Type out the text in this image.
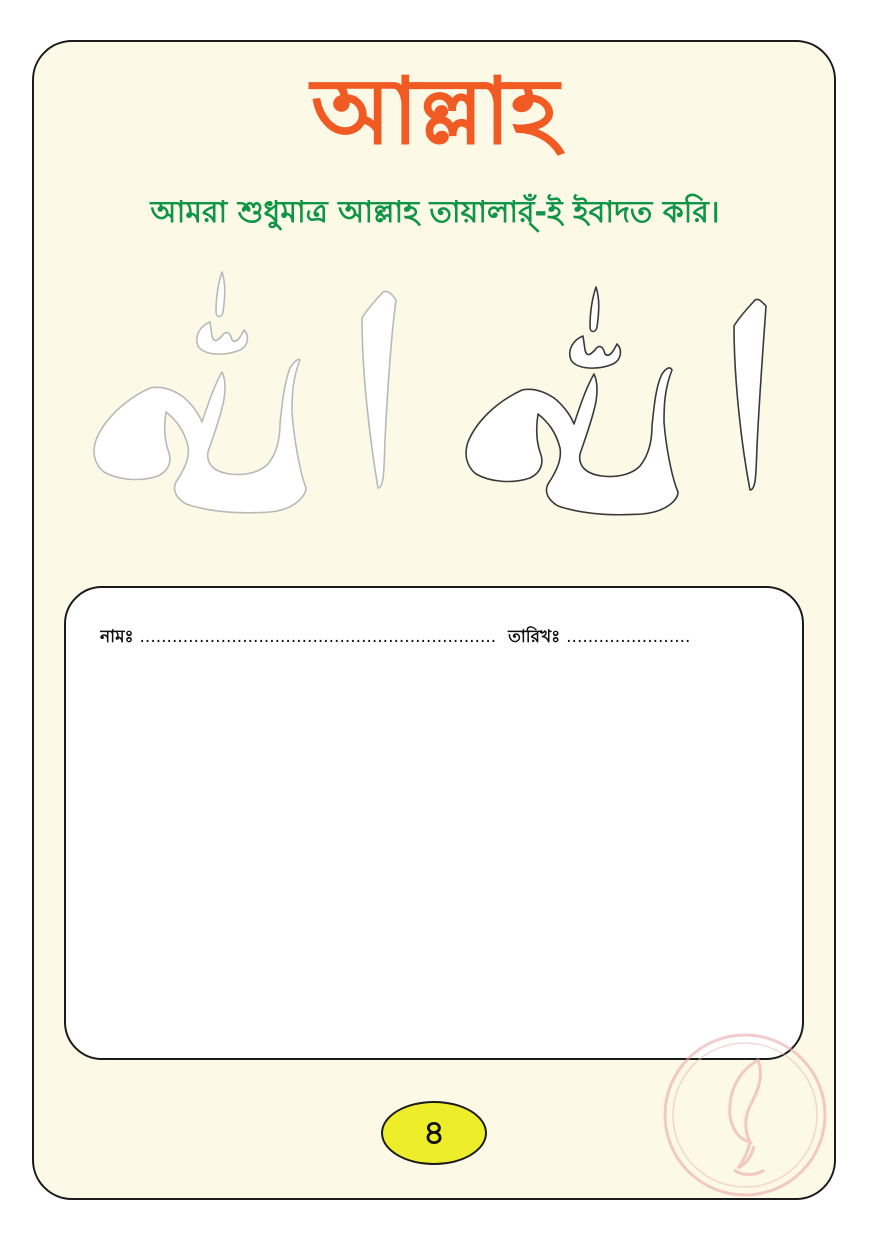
আল্লাহ
আমরা শুধুমাত্র আল্লাহ তায়ালার্ঁ-ই ইবাদত করি।
নামঃ .................................................................. তারিখঃ .......................
৪
